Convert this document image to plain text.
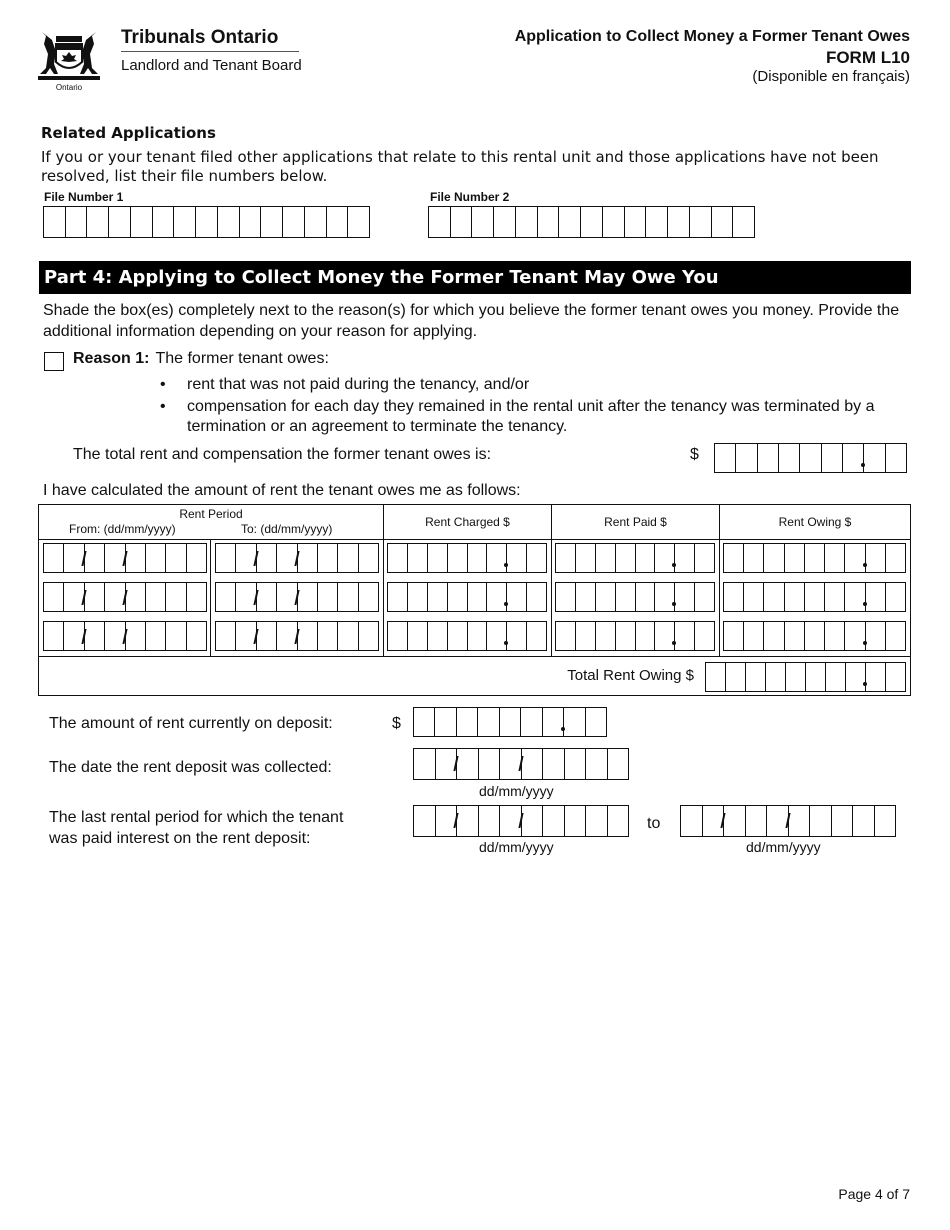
Ontario
Tribunals Ontario
Landlord and Tenant Board
Application to Collect Money a Former Tenant Owes
FORM L10
(Disponible en français)
Related Applications
If you or your tenant filed other applications that relate to this rental unit and those applications have not been resolved, list their file numbers below.
File Number 1	File Number 2
Part 4: Applying to Collect Money the Former Tenant May Owe You
Shade the box(es) completely next to the reason(s) for which you believe the former tenant owes you money. Provide the additional information depending on your reason for applying.
Reason 1: The former tenant owes:
• rent that was not paid during the tenancy, and/or
• compensation for each day they remained in the rental unit after the tenancy was terminated by a termination or an agreement to terminate the tenancy.
The total rent and compensation the former tenant owes is:	$
I have calculated the amount of rent the tenant owes me as follows:
Rent Period
From: (dd/mm/yyyy)	To: (dd/mm/yyyy)	Rent Charged $	Rent Paid $	Rent Owing $
Total Rent Owing $
The amount of rent currently on deposit:	$
The date the rent deposit was collected:
dd/mm/yyyy
The last rental period for which the tenant
was paid interest on the rent deposit:	dd/mm/yyyy
to
dd/mm/yyyy
Page 4 of 7
